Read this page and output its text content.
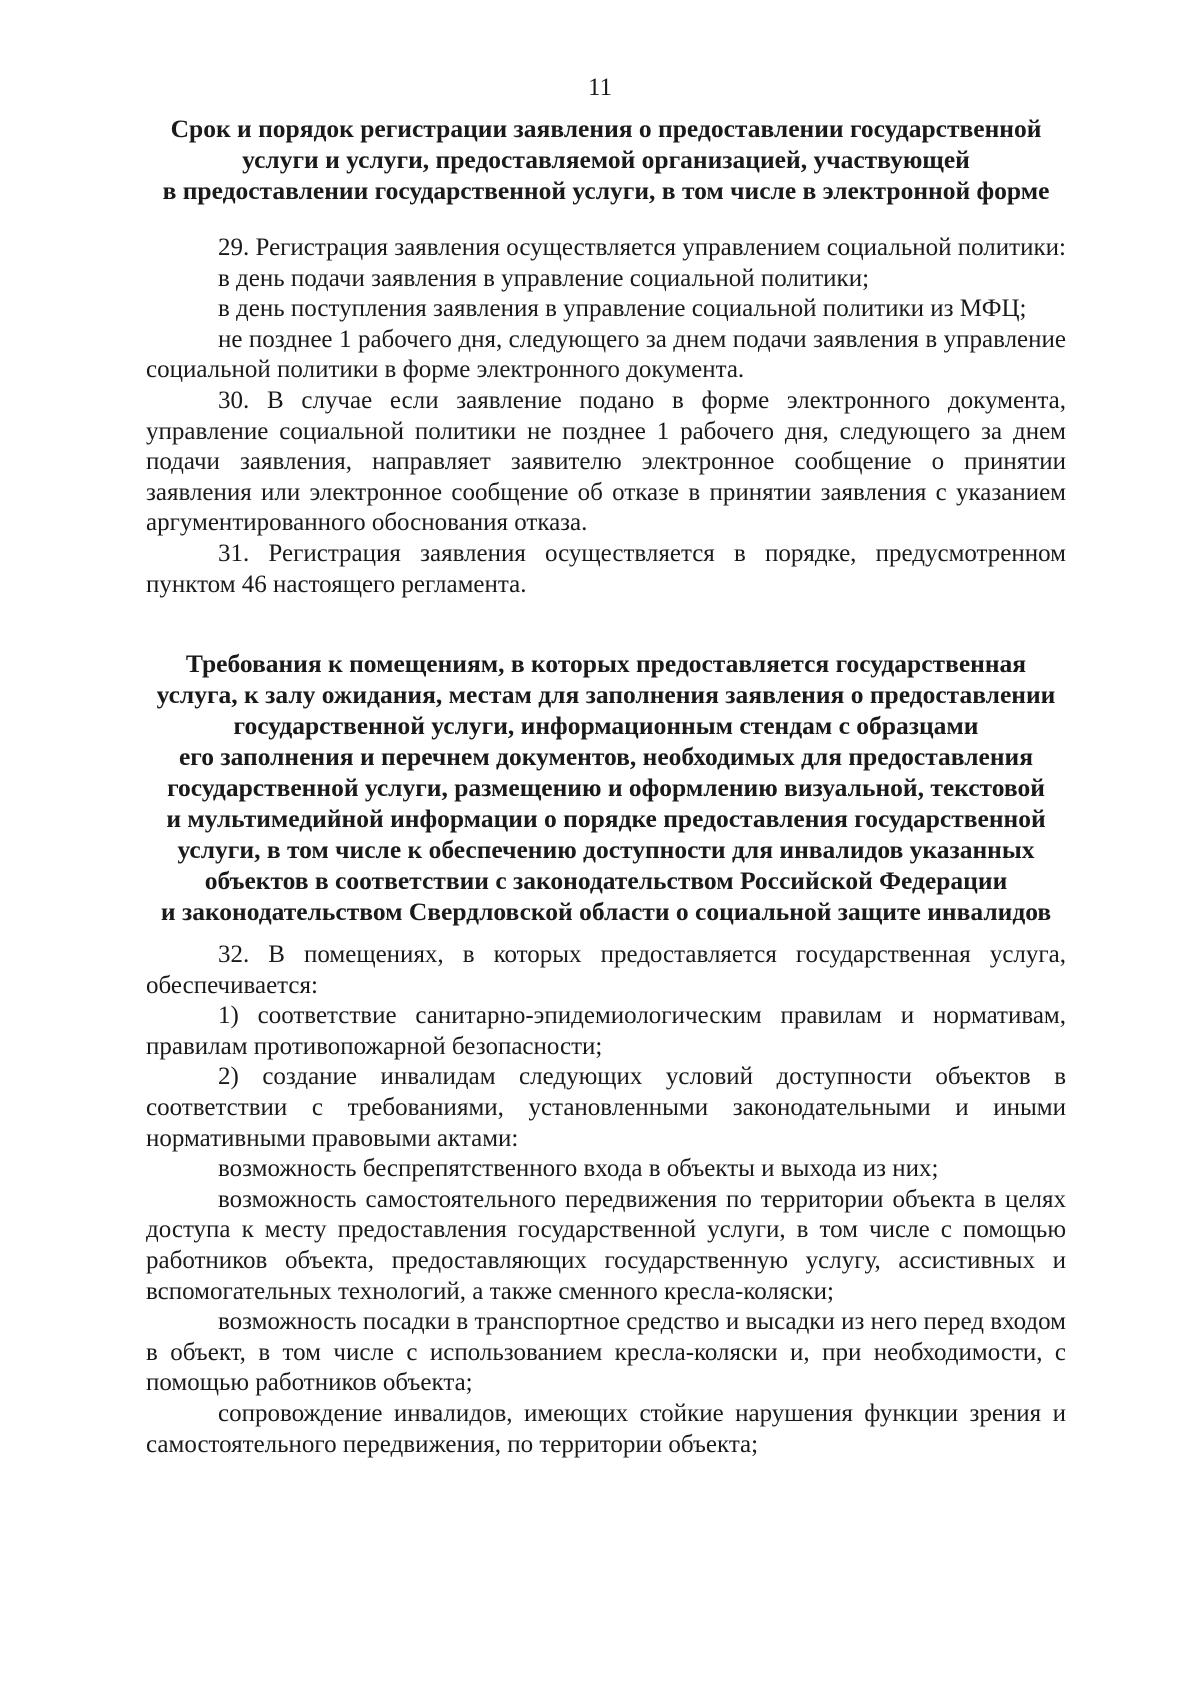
11
Срок и порядок регистрации заявления о предоставлении государственной
услуги и услуги, предоставляемой организацией, участвующей
в предоставлении государственной услуги, в том числе в электронной форме

29. Регистрация заявления осуществляется управлением социальной политики:

в день подачи заявления в управление социальной политики;

в день поступления заявления в управление социальной политики из МФЦ;

не позднее 1 рабочего дня, следующего за днем подачи заявления в управление социальной политики в форме электронного документа.

30. В случае если заявление подано в форме электронного документа, управление социальной политики не позднее 1 рабочего дня, следующего за днем подачи заявления, направляет заявителю электронное сообщение о принятии заявления или электронное сообщение об отказе в принятии заявления с указанием аргументированного обоснования отказа.

31. Регистрация заявления осуществляется в порядке, предусмотренном пунктом 46 настоящего регламента.

Требования к помещениям, в которых предоставляется государственная
услуга, к залу ожидания, местам для заполнения заявления о предоставлении
государственной услуги, информационным стендам с образцами
его заполнения и перечнем документов, необходимых для предоставления
государственной услуги, размещению и оформлению визуальной, текстовой
и мультимедийной информации о порядке предоставления государственной
услуги, в том числе к обеспечению доступности для инвалидов указанных
объектов в соответствии с законодательством Российской Федерации
и законодательством Свердловской области о социальной защите инвалидов

32. В помещениях, в которых предоставляется государственная услуга, обеспечивается:

1) соответствие санитарно-эпидемиологическим правилам и нормативам, правилам противопожарной безопасности;

2) создание инвалидам следующих условий доступности объектов в соответствии с требованиями, установленными законодательными и иными нормативными правовыми актами:

возможность беспрепятственного входа в объекты и выхода из них;

возможность самостоятельного передвижения по территории объекта в целях доступа к месту предоставления государственной услуги, в том числе с помощью работников объекта, предоставляющих государственную услугу, ассистивных и вспомогательных технологий, а также сменного кресла-коляски;

возможность посадки в транспортное средство и высадки из него перед входом в объект, в том числе с использованием кресла-коляски и, при необходимости, с помощью работников объекта;

сопровождение инвалидов, имеющих стойкие нарушения функции зрения и самостоятельного передвижения, по территории объекта;
